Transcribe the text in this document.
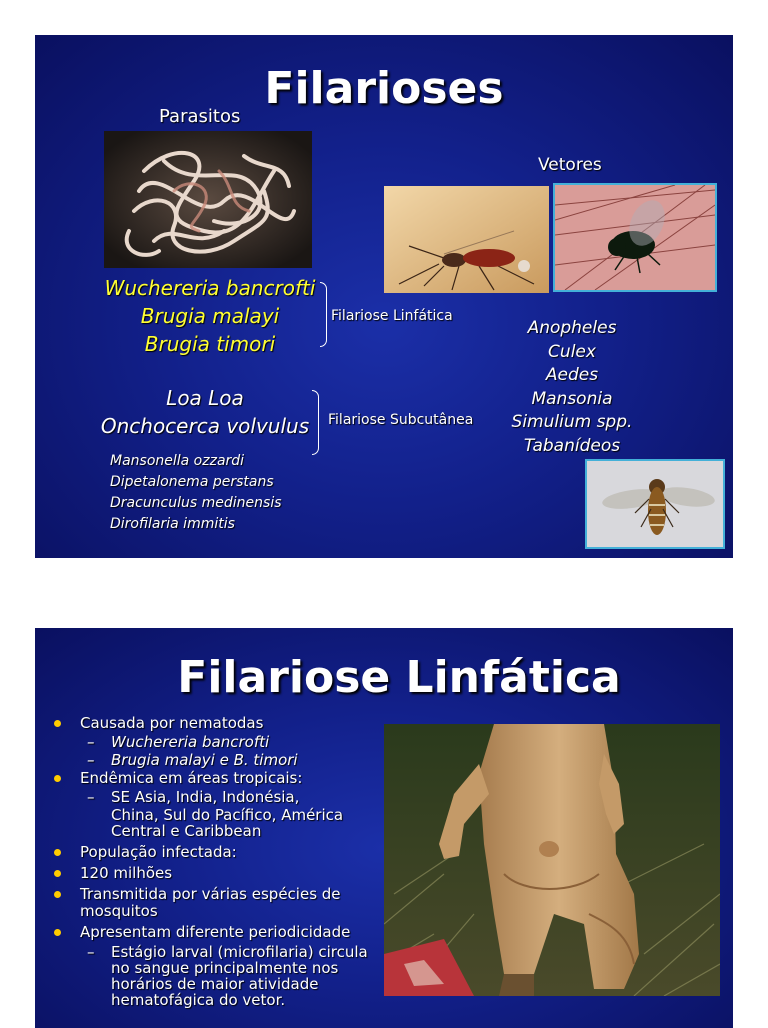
Filarioses
Parasitos
Vetores
Wuchereria bancrofti
Brugia malayi
Brugia timori
Filariose Linfática
Loa Loa
Onchocerca volvulus	Filariose Subcutânea
Mansonella ozzardi
Dipetalonema perstans
Dracunculus medinensis
Dirofilaria immitis
Anopheles
Culex
Aedes
Mansonia
Simulium spp.
Tabanídeos
Filariose Linfática
Causada por nematodas
– Wuchereria bancrofti
– Brugia malayi e B. timori
Endêmica em áreas tropicais:
– SE Asia, India, Indonésia,
China, Sul do Pacífico, América
Central e Caribbean
População infectada:
120 milhões
Transmitida por várias espécies de
mosquitos
Apresentam diferente periodicidade
– Estágio larval (microfilaria) circula
no sangue principalmente nos
horários de maior atividade
hematofágica do vetor.
